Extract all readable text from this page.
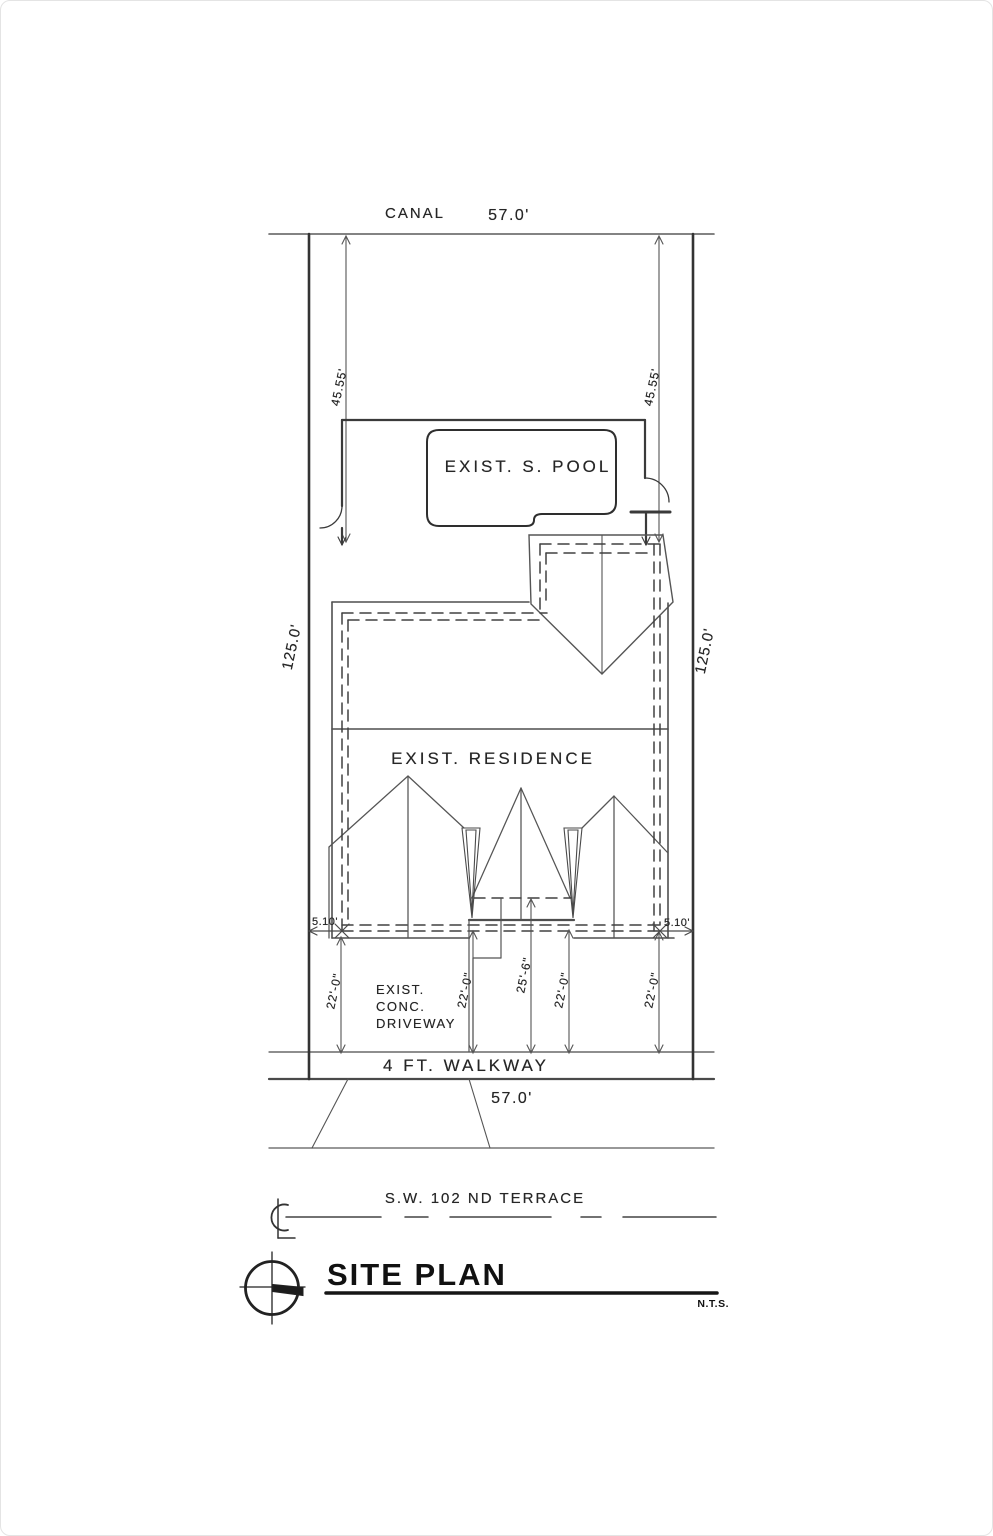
CANAL	57.0'
45.55'	45.55'
EXIST. S. POOL
125.0'	125.0'
EXIST. RESIDENCE
5.10'	5.10'
22'-0"	22'-0"	25'-6" 22'-0"	22'-0"
EXIST.
CONC.
DRIVEWAY
4 FT. WALKWAY
57.0'
S.W. 102 ND TERRACE
SITE PLAN
N.T.S.
